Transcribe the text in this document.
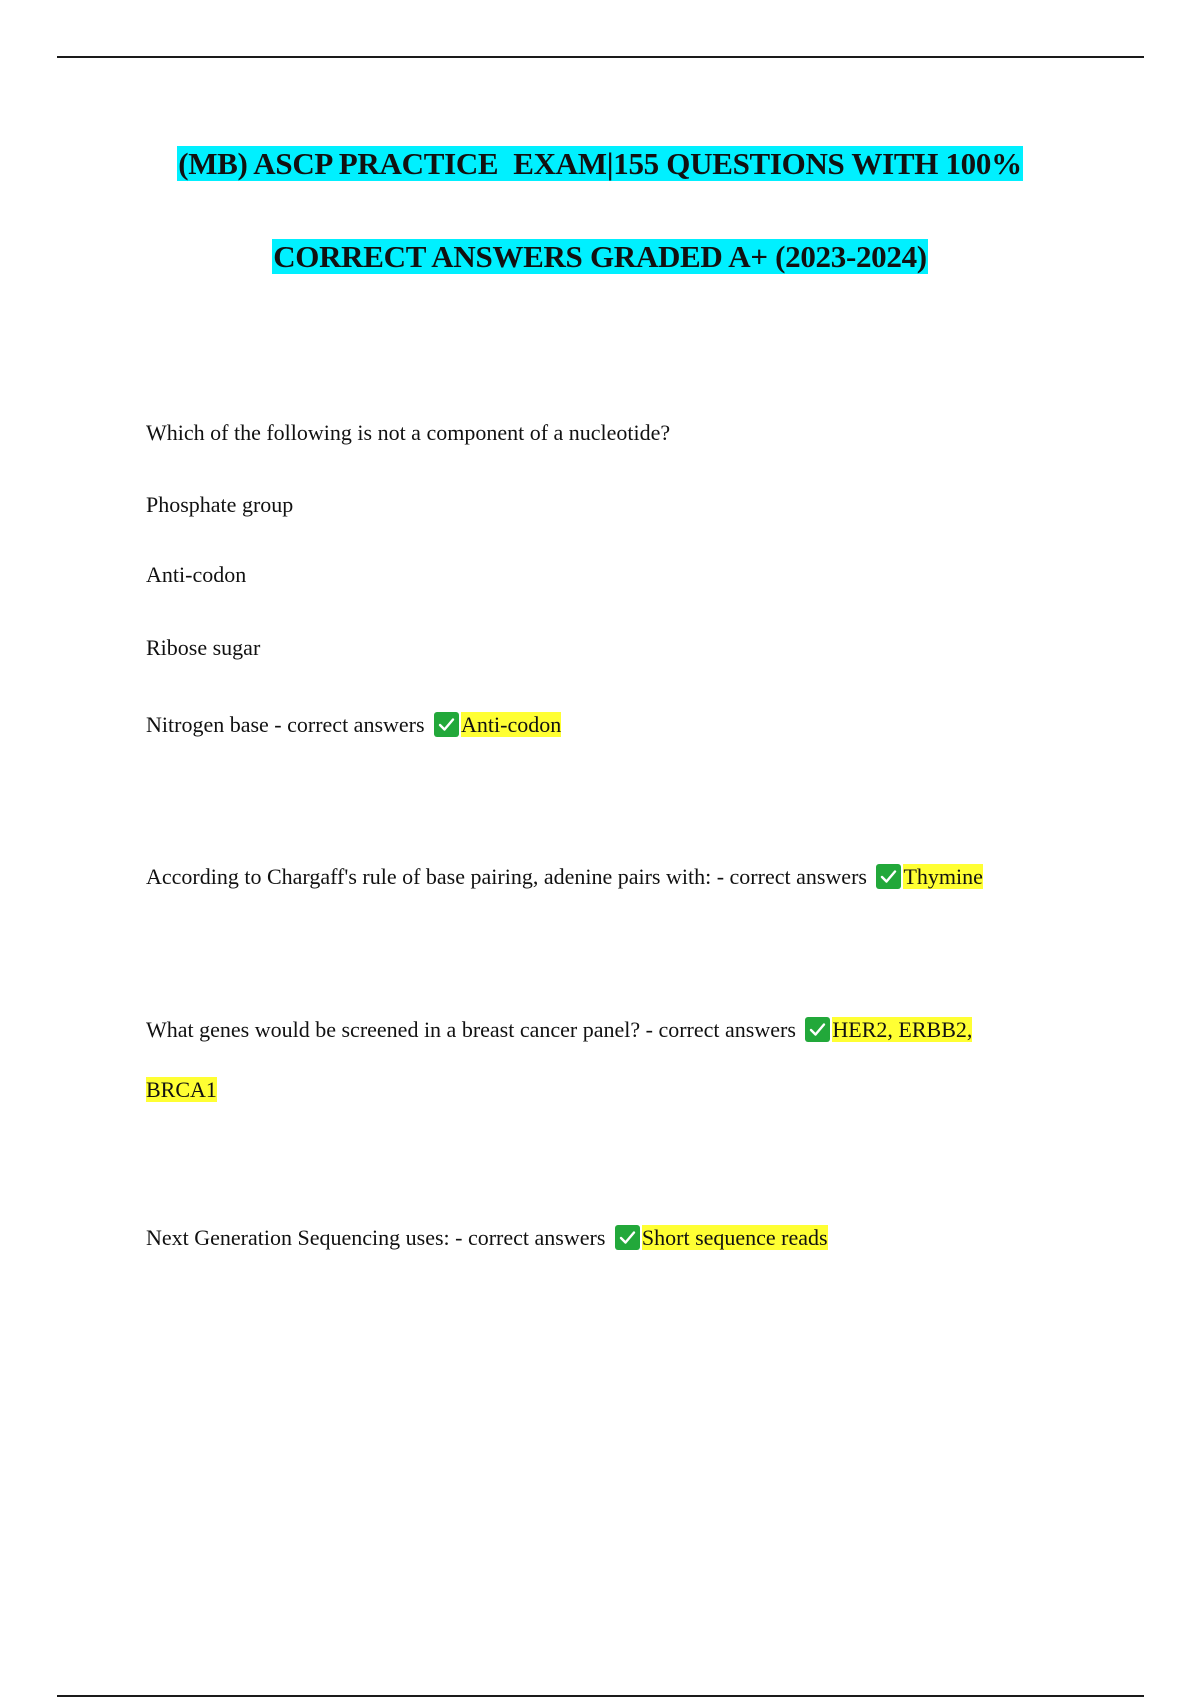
(MB) ASCP PRACTICE  EXAM|155 QUESTIONS WITH 100%
CORRECT ANSWERS GRADED A+ (2023-2024)
Which of the following is not a component of a nucleotide?
Phosphate group
Anti-codon
Ribose sugar
Nitrogen base - correct answers
Anti-codon
According to Chargaff's rule of base pairing, adenine pairs with: - correct answers
Thymine
What genes would be screened in a breast cancer panel? - correct answers
HER2, ERBB2,
BRCA1
Next Generation Sequencing uses: - correct answers
Short sequence reads
